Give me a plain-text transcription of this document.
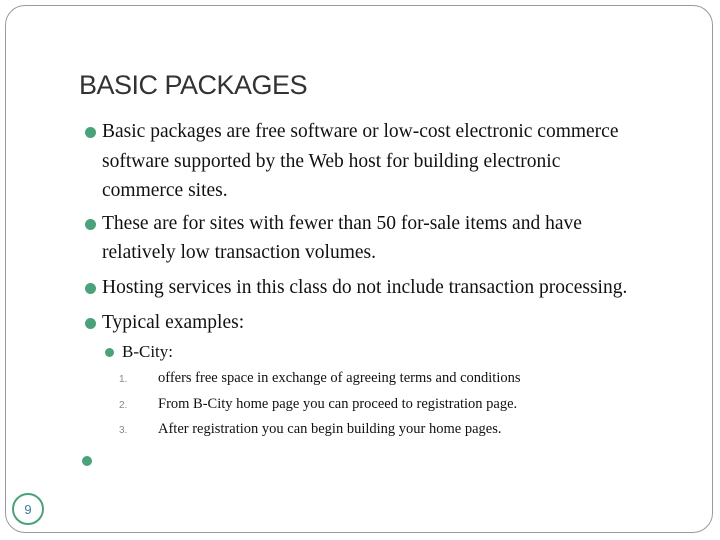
BASIC PACKAGES
Basic packages are free software or low-cost electronic commerce
software supported by the Web host for building electronic
commerce sites.
These are for sites with fewer than 50 for-sale items and have
relatively low transaction volumes.
Hosting services in this class do not include transaction processing.
Typical examples:
B-City:
1. offers free space in exchange of agreeing terms and conditions
2. From B-City home page you can proceed to registration page.
3. After registration you can begin building your home pages.
9
